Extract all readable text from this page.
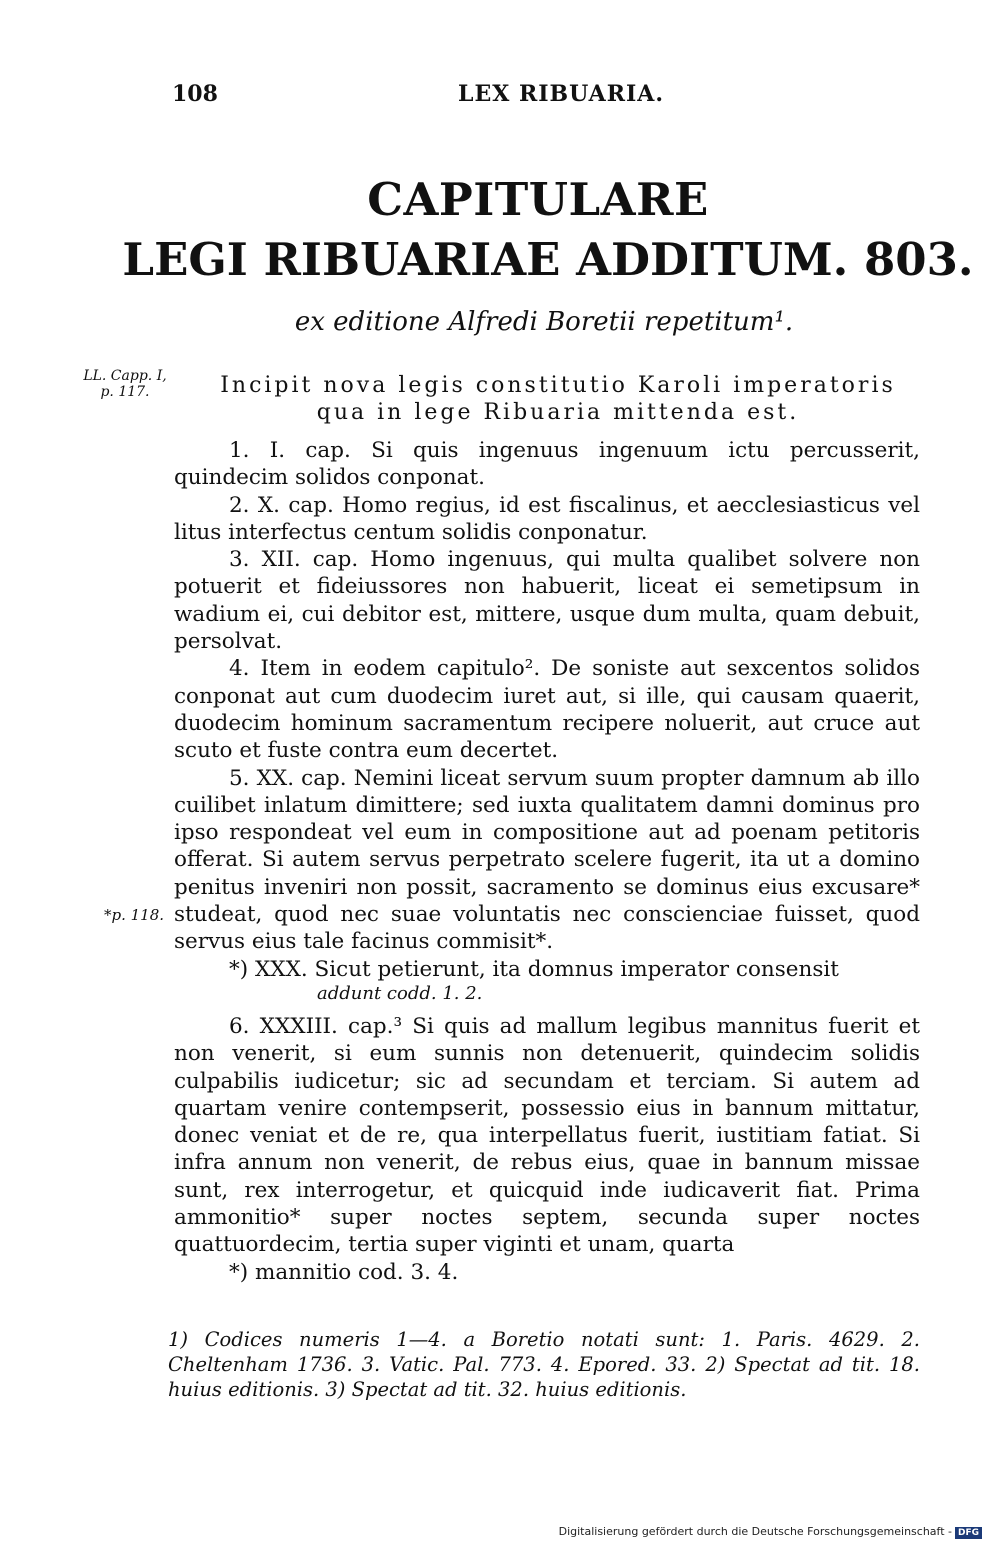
108	LEX RIBUARIA.
CAPITULARE
LEGI RIBUARIAE ADDITUM. 803.
ex editione Alfredi Boretii repetitum¹.
LL. Capp. I,
p. 117.	Incipit nova legis constitutio Karoli imperatoris
qua in lege Ribuaria mittenda est.

1. I. cap. Si quis ingenuus ingenuum ictu percusserit, quindecim solidos conponat.

2. X. cap. Homo regius, id est fiscalinus, et aecclesiasticus vel litus interfectus centum solidis conponatur.

3. XII. cap. Homo ingenuus, qui multa qualibet solvere non potuerit et fideiussores non habuerit, liceat ei semetipsum in wadium ei, cui debitor est, mittere, usque dum multa, quam debuit, persolvat.

4. Item in eodem capitulo². De soniste aut sexcentos solidos conponat aut cum duodecim iuret aut, si ille, qui causam quaerit, duodecim hominum sacramentum recipere noluerit, aut cruce aut scuto et fuste contra eum decertet.

5. XX. cap. Nemini liceat servum suum propter damnum ab illo cuilibet inlatum dimittere; sed iuxta qualitatem damni dominus pro ipso respondeat vel eum in compositione aut ad poenam petitoris offerat. Si autem servus perpetrato scelere fugerit, ita ut a domino penitus inveniri non possit, sacramento se dominus eius excusare* studeat, quod nec suae voluntatis nec conscienciae fuisset, quod servus eius tale facinus commisit*.

*) XXX. Sicut petierunt, ita domnus imperator consensit

addunt codd. 1. 2.

6. XXXIII. cap.³ Si quis ad mallum legibus mannitus fuerit et non venerit, si eum sunnis non detenuerit, quindecim solidis culpabilis iudicetur; sic ad secundam et terciam. Si autem ad quartam venire contempserit, possessio eius in bannum mittatur, donec veniat et de re, qua interpellatus fuerit, iustitiam fatiat. Si infra annum non venerit, de rebus eius, quae in bannum missae sunt, rex interrogetur, et quicquid inde iudicaverit fiat. Prima ammonitio* super noctes septem, secunda super noctes quattuordecim, tertia super viginti et unam, quarta

*) mannitio cod. 3. 4.

*p. 118.
1) Codices numeris 1—4. a Boretio notati sunt: 1. Paris. 4629. 2. Cheltenham 1736. 3. Vatic. Pal. 773. 4. Epored. 33. 2) Spectat ad tit. 18. huius editionis. 3) Spectat ad tit. 32. huius editionis.
Digitalisierung gefördert durch die Deutsche Forschungsgemeinschaft - DFG
